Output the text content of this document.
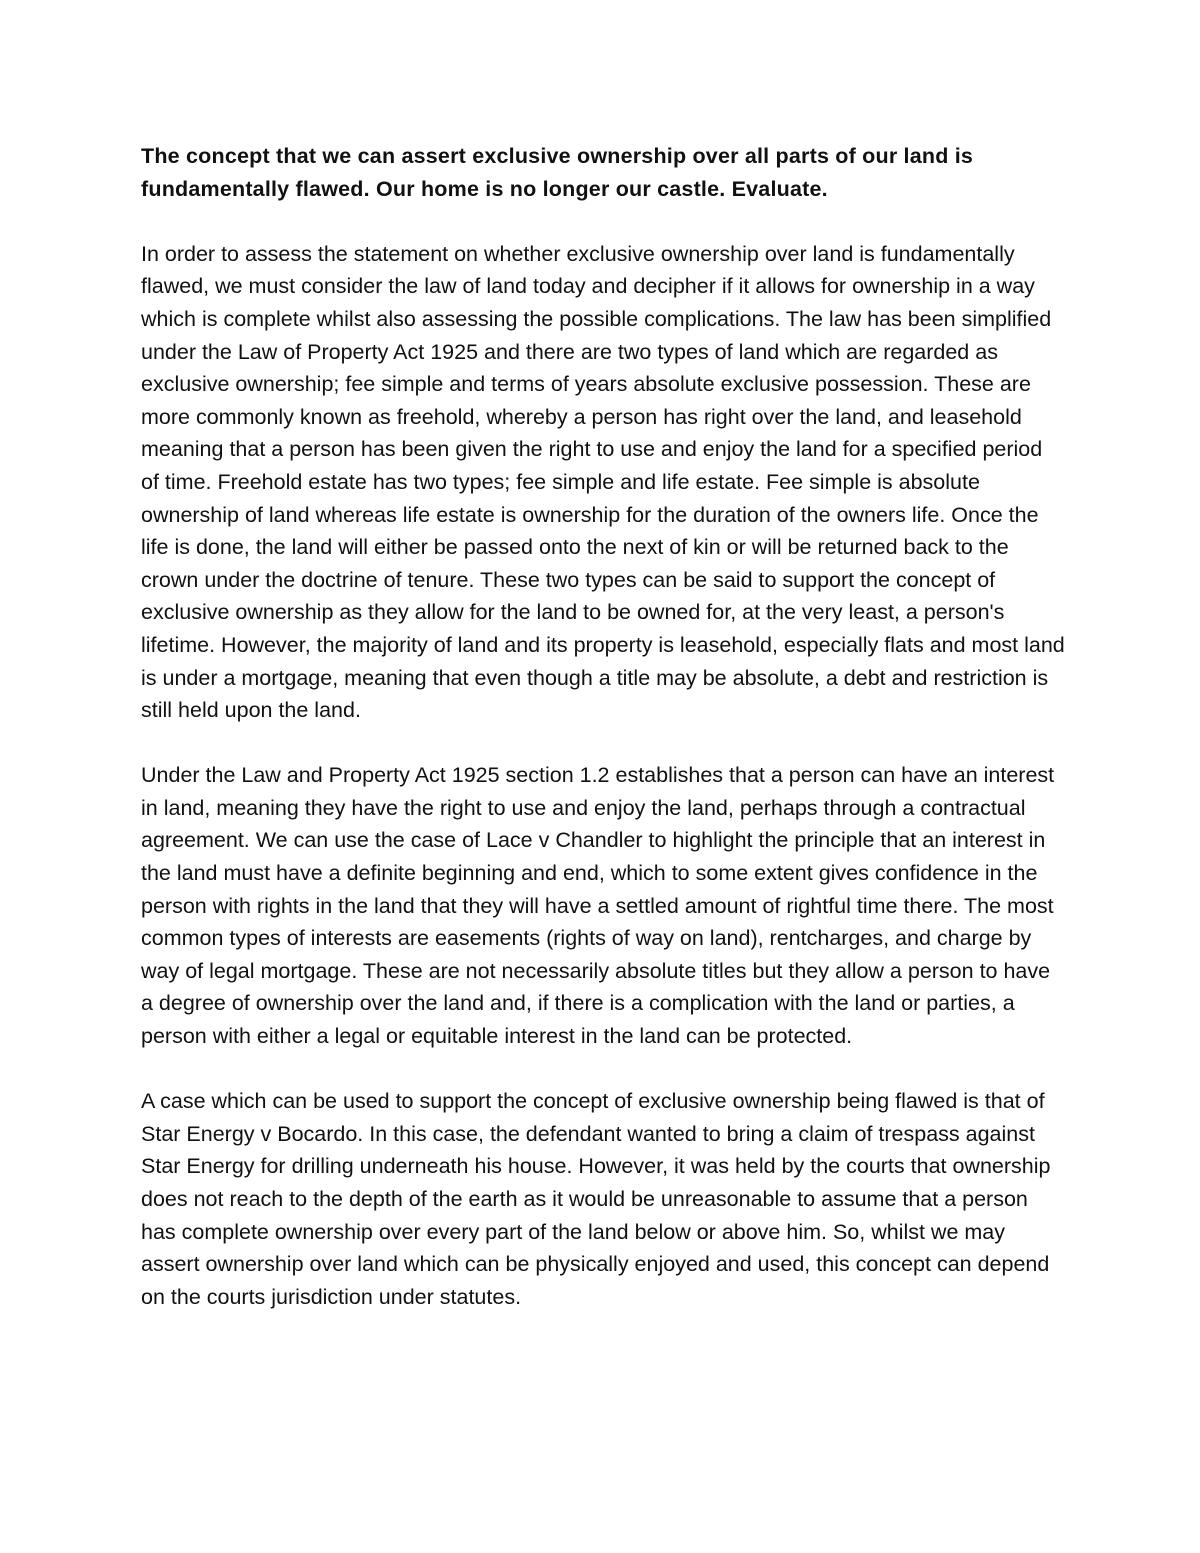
The concept that we can assert exclusive ownership over all parts of our land is fundamentally flawed. Our home is no longer our castle. Evaluate.

In order to assess the statement on whether exclusive ownership over land is fundamentally flawed, we must consider the law of land today and decipher if it allows for ownership in a way which is complete whilst also assessing the possible complications. The law has been simplified under the Law of Property Act 1925 and there are two types of land which are regarded as exclusive ownership; fee simple and terms of years absolute exclusive possession. These are more commonly known as freehold, whereby a person has right over the land, and leasehold meaning that a person has been given the right to use and enjoy the land for a specified period of time. Freehold estate has two types; fee simple and life estate. Fee simple is absolute ownership of land whereas life estate is ownership for the duration of the owners life. Once the life is done, the land will either be passed onto the next of kin or will be returned back to the crown under the doctrine of tenure. These two types can be said to support the concept of exclusive ownership as they allow for the land to be owned for, at the very least, a person's lifetime. However, the majority of land and its property is leasehold, especially flats and most land is under a mortgage, meaning that even though a title may be absolute, a debt and restriction is still held upon the land.

Under the Law and Property Act 1925 section 1.2 establishes that a person can have an interest in land, meaning they have the right to use and enjoy the land, perhaps through a contractual agreement. We can use the case of Lace v Chandler to highlight the principle that an interest in the land must have a definite beginning and end, which to some extent gives confidence in the person with rights in the land that they will have a settled amount of rightful time there. The most common types of interests are easements (rights of way on land), rentcharges, and charge by way of legal mortgage. These are not necessarily absolute titles but they allow a person to have a degree of ownership over the land and, if there is a complication with the land or parties, a person with either a legal or equitable interest in the land can be protected.

A case which can be used to support the concept of exclusive ownership being flawed is that of Star Energy v Bocardo. In this case, the defendant wanted to bring a claim of trespass against Star Energy for drilling underneath his house. However, it was held by the courts that ownership does not reach to the depth of the earth as it would be unreasonable to assume that a person has complete ownership over every part of the land below or above him. So, whilst we may assert ownership over land which can be physically enjoyed and used, this concept can depend on the courts jurisdiction under statutes.
